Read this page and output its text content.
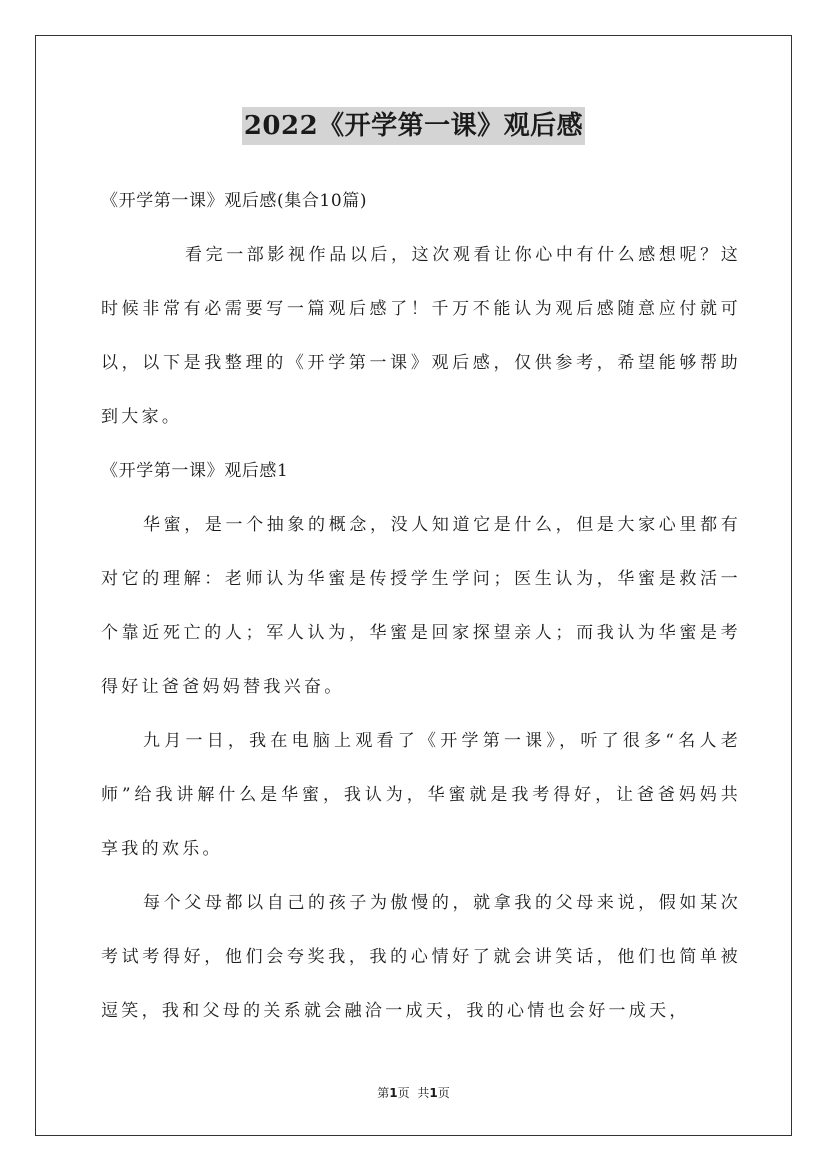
2022《开学第一课》观后感

《开学第一课》观后感(集合10篇)

看完一部影视作品以后，这次观看让你心中有什么感想呢？这时候非常有必需要写一篇观后感了！千万不能认为观后感随意应付就可以，以下是我整理的《开学第一课》观后感，仅供参考，希望能够帮助到大家。

《开学第一课》观后感1

华蜜，是一个抽象的概念，没人知道它是什么，但是大家心里都有对它的理解：老师认为华蜜是传授学生学问；医生认为，华蜜是救活一个靠近死亡的人；军人认为，华蜜是回家探望亲人；而我认为华蜜是考得好让爸爸妈妈替我兴奋。

九月一日，我在电脑上观看了《开学第一课》，听了很多“名人老师”给我讲解什么是华蜜，我认为，华蜜就是我考得好，让爸爸妈妈共享我的欢乐。

每个父母都以自己的孩子为傲慢的，就拿我的父母来说，假如某次考试考得好，他们会夸奖我，我的心情好了就会讲笑话，他们也简单被逗笑，我和父母的关系就会融洽一成天，我的心情也会好一成天，

第1页 共1页
